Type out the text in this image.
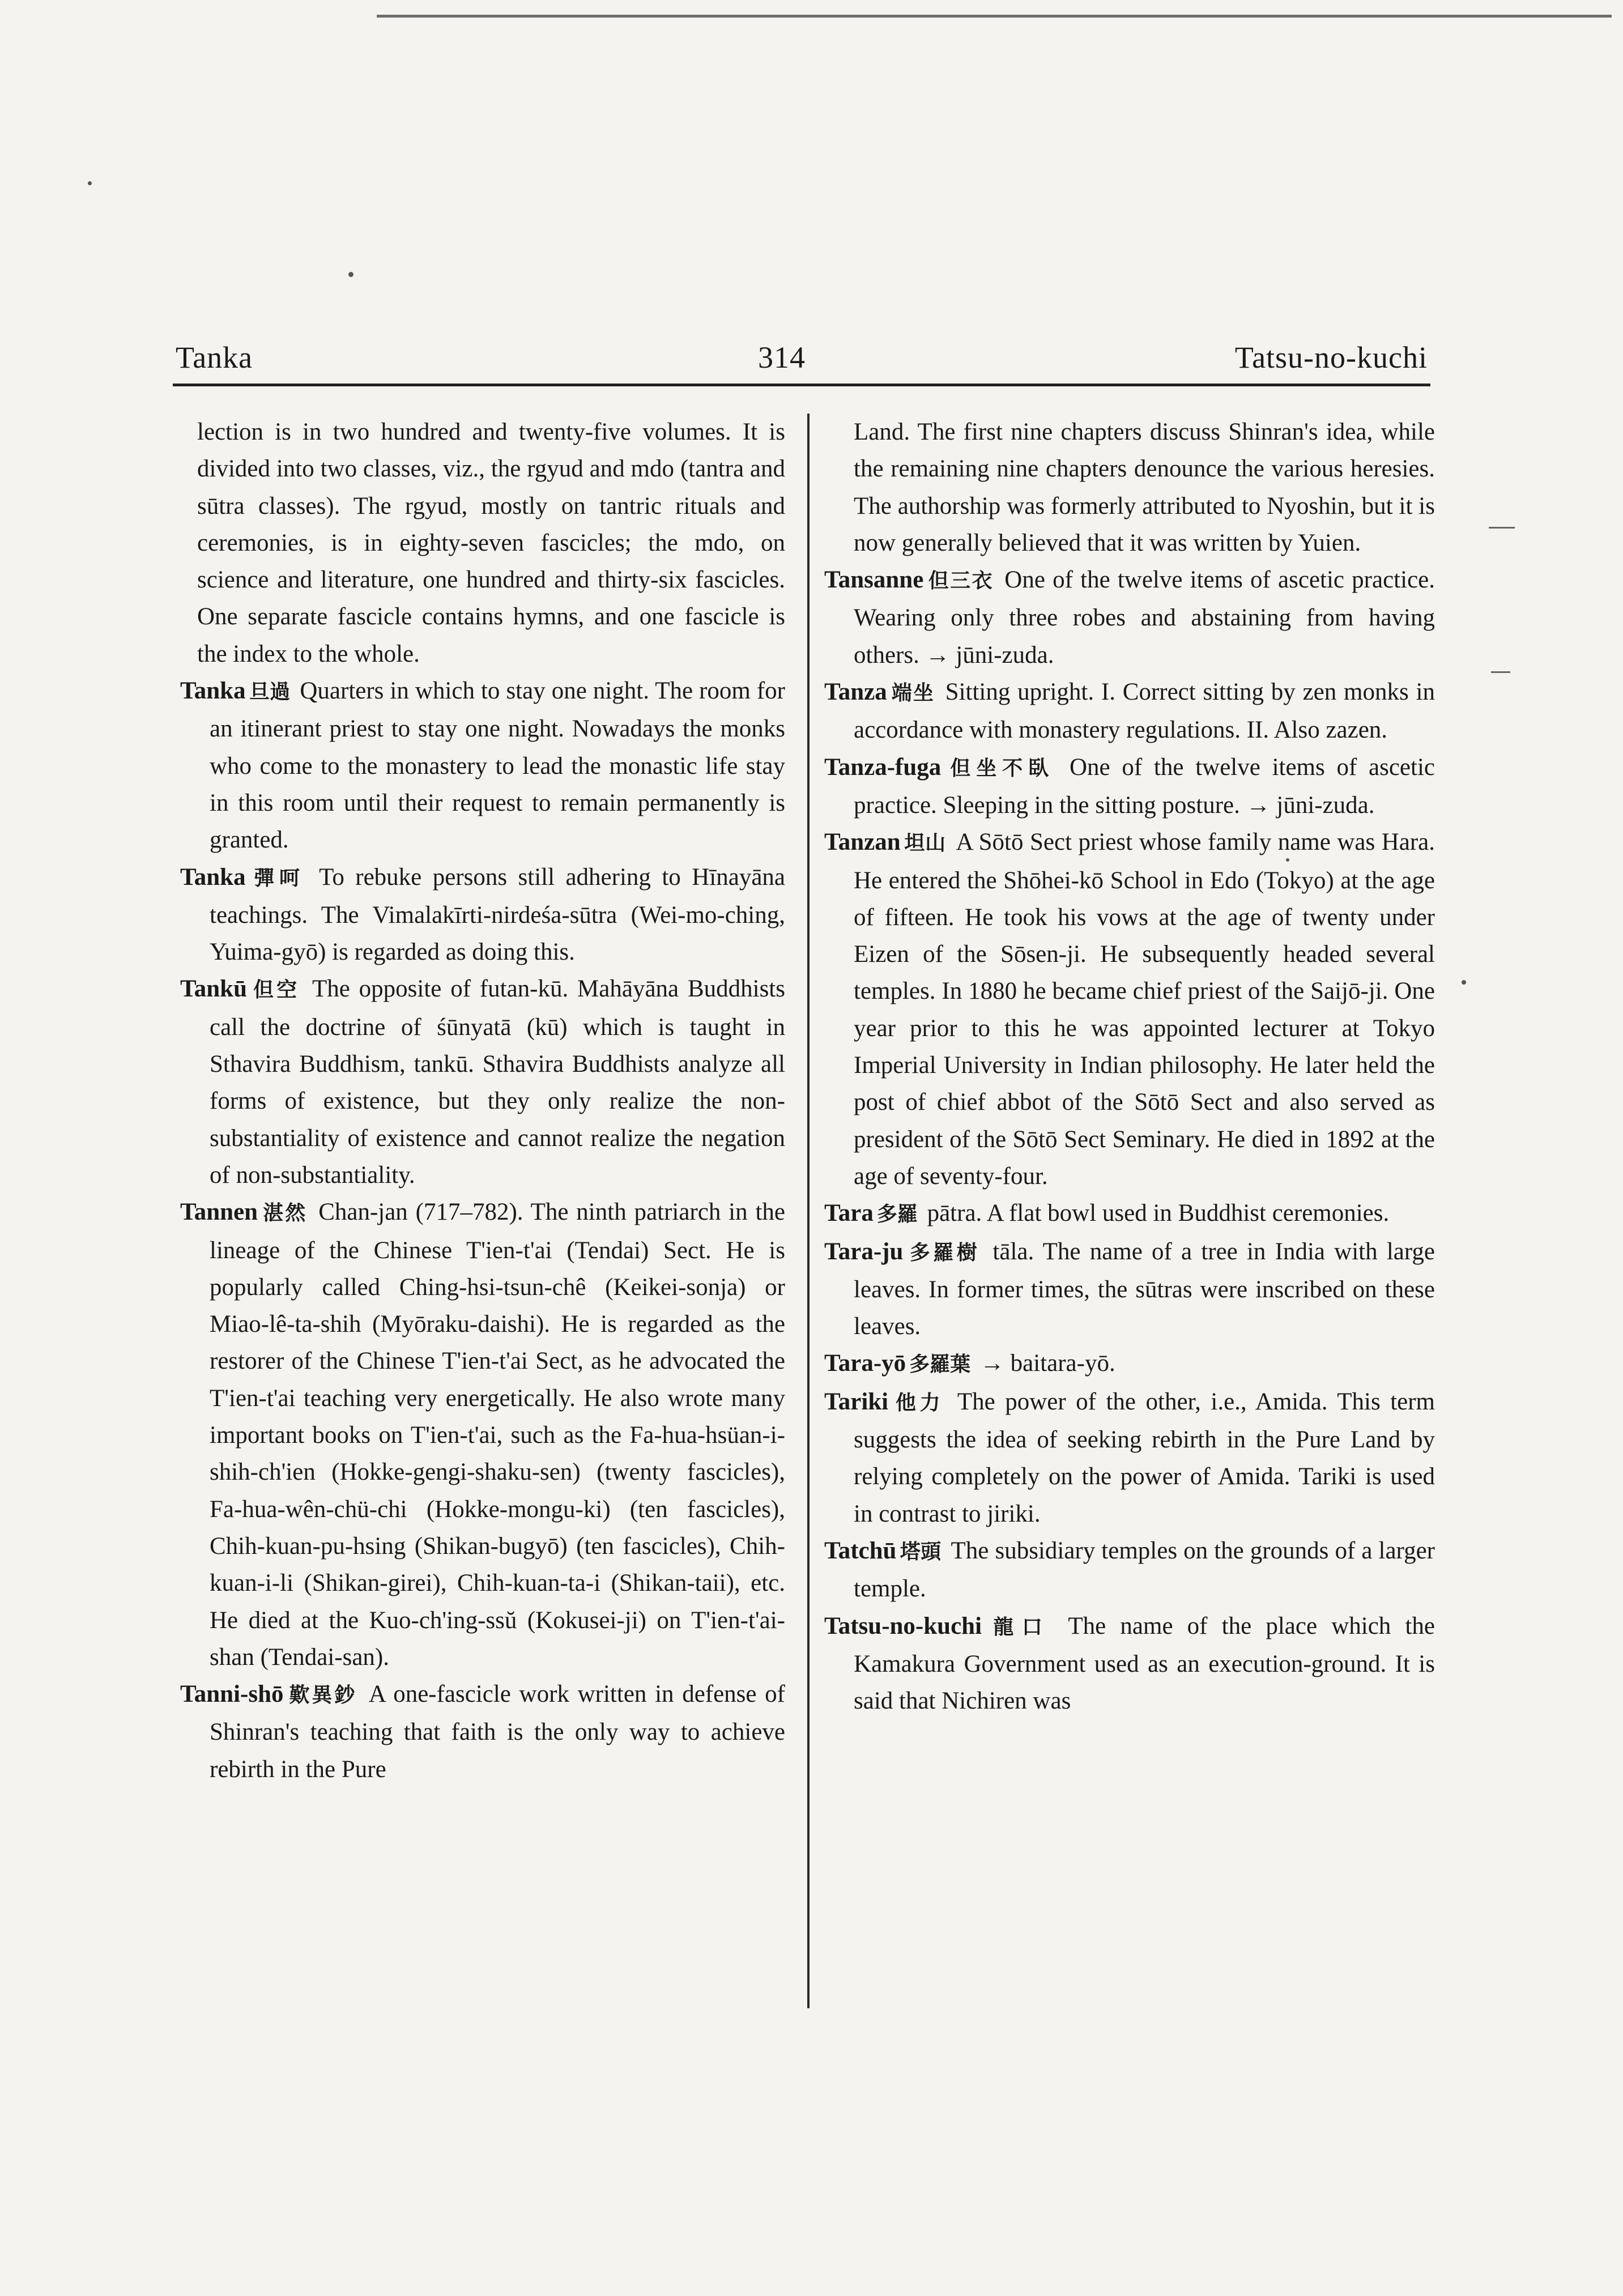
Tanka	314	Tatsu-no-kuchi

lection is in two hundred and twenty-five volumes. It is divided into two classes, viz., the rgyud and mdo (tantra and sūtra classes). The rgyud, mostly on tantric rituals and ceremonies, is in eighty-seven fascicles; the mdo, on science and literature, one hundred and thirty-six fascicles. One separate fascicle contains hymns, and one fascicle is the index to the whole.

Tanka 旦過 Quarters in which to stay one night. The room for an itinerant priest to stay one night. Nowadays the monks who come to the monastery to lead the monastic life stay in this room until their request to remain permanently is granted.

Tanka 彈呵 To rebuke persons still adhering to Hīnayāna teachings. The Vimalakīrti-nirdeśa-sūtra (Wei-mo-ching, Yuima-gyō) is regarded as doing this.

Tankū 但空 The opposite of futan-kū. Mahāyāna Buddhists call the doctrine of śūnyatā (kū) which is taught in Sthavira Buddhism, tankū. Sthavira Buddhists analyze all forms of existence, but they only realize the non-substantiality of existence and cannot realize the negation of non-substantiality.

Tannen 湛然 Chan-jan (717–782). The ninth patriarch in the lineage of the Chinese T'ien-t'ai (Tendai) Sect. He is popularly called Ching-hsi-tsun-chê (Keikei-sonja) or Miao-lê-ta-shih (Myōraku-daishi). He is regarded as the restorer of the Chinese T'ien-t'ai Sect, as he advocated the T'ien-t'ai teaching very energetically. He also wrote many important books on T'ien-t'ai, such as the Fa-hua-hsüan-i-shih-ch'ien (Hokke-gengi-shaku-sen) (twenty fascicles), Fa-hua-wên-chü-chi (Hokke-mongu-ki) (ten fascicles), Chih-kuan-pu-hsing (Shikan-bugyō) (ten fascicles), Chih-kuan-i-li (Shikan-girei), Chih-kuan-ta-i (Shikan-taii), etc. He died at the Kuo-ch'ing-ssŭ (Kokusei-ji) on T'ien-t'ai-shan (Tendai-san).

Tanni-shō 歎異鈔 A one-fascicle work written in defense of Shinran's teaching that faith is the only way to achieve rebirth in the Pure

Land. The first nine chapters discuss Shinran's idea, while the remaining nine chapters denounce the various heresies. The authorship was formerly attributed to Nyoshin, but it is now generally believed that it was written by Yuien.

Tansanne 但三衣 One of the twelve items of ascetic practice. Wearing only three robes and abstaining from having others. → jūni-zuda.

Tanza 端坐 Sitting upright. I. Correct sitting by zen monks in accordance with monastery regulations. II. Also zazen.

Tanza-fuga 但坐不臥 One of the twelve items of ascetic practice. Sleeping in the sitting posture. → jūni-zuda.

Tanzan 坦山 A Sōtō Sect priest whose family name was Hara. He entered the Shōhei-kō School in Edo (Tokyo) at the age of fifteen. He took his vows at the age of twenty under Eizen of the Sōsen-ji. He subsequently headed several temples. In 1880 he became chief priest of the Saijō-ji. One year prior to this he was appointed lecturer at Tokyo Imperial University in Indian philosophy. He later held the post of chief abbot of the Sōtō Sect and also served as president of the Sōtō Sect Seminary. He died in 1892 at the age of seventy-four.

Tara 多羅 pātra. A flat bowl used in Buddhist ceremonies.

Tara-ju 多羅樹 tāla. The name of a tree in India with large leaves. In former times, the sūtras were inscribed on these leaves.

Tara-yō 多羅葉 → baitara-yō.

Tariki 他力 The power of the other, i.e., Amida. This term suggests the idea of seeking rebirth in the Pure Land by relying completely on the power of Amida. Tariki is used in contrast to jiriki.

Tatchū 塔頭 The subsidiary temples on the grounds of a larger temple.

Tatsu-no-kuchi 龍口 The name of the place which the Kamakura Government used as an execution-ground. It is said that Nichiren was
